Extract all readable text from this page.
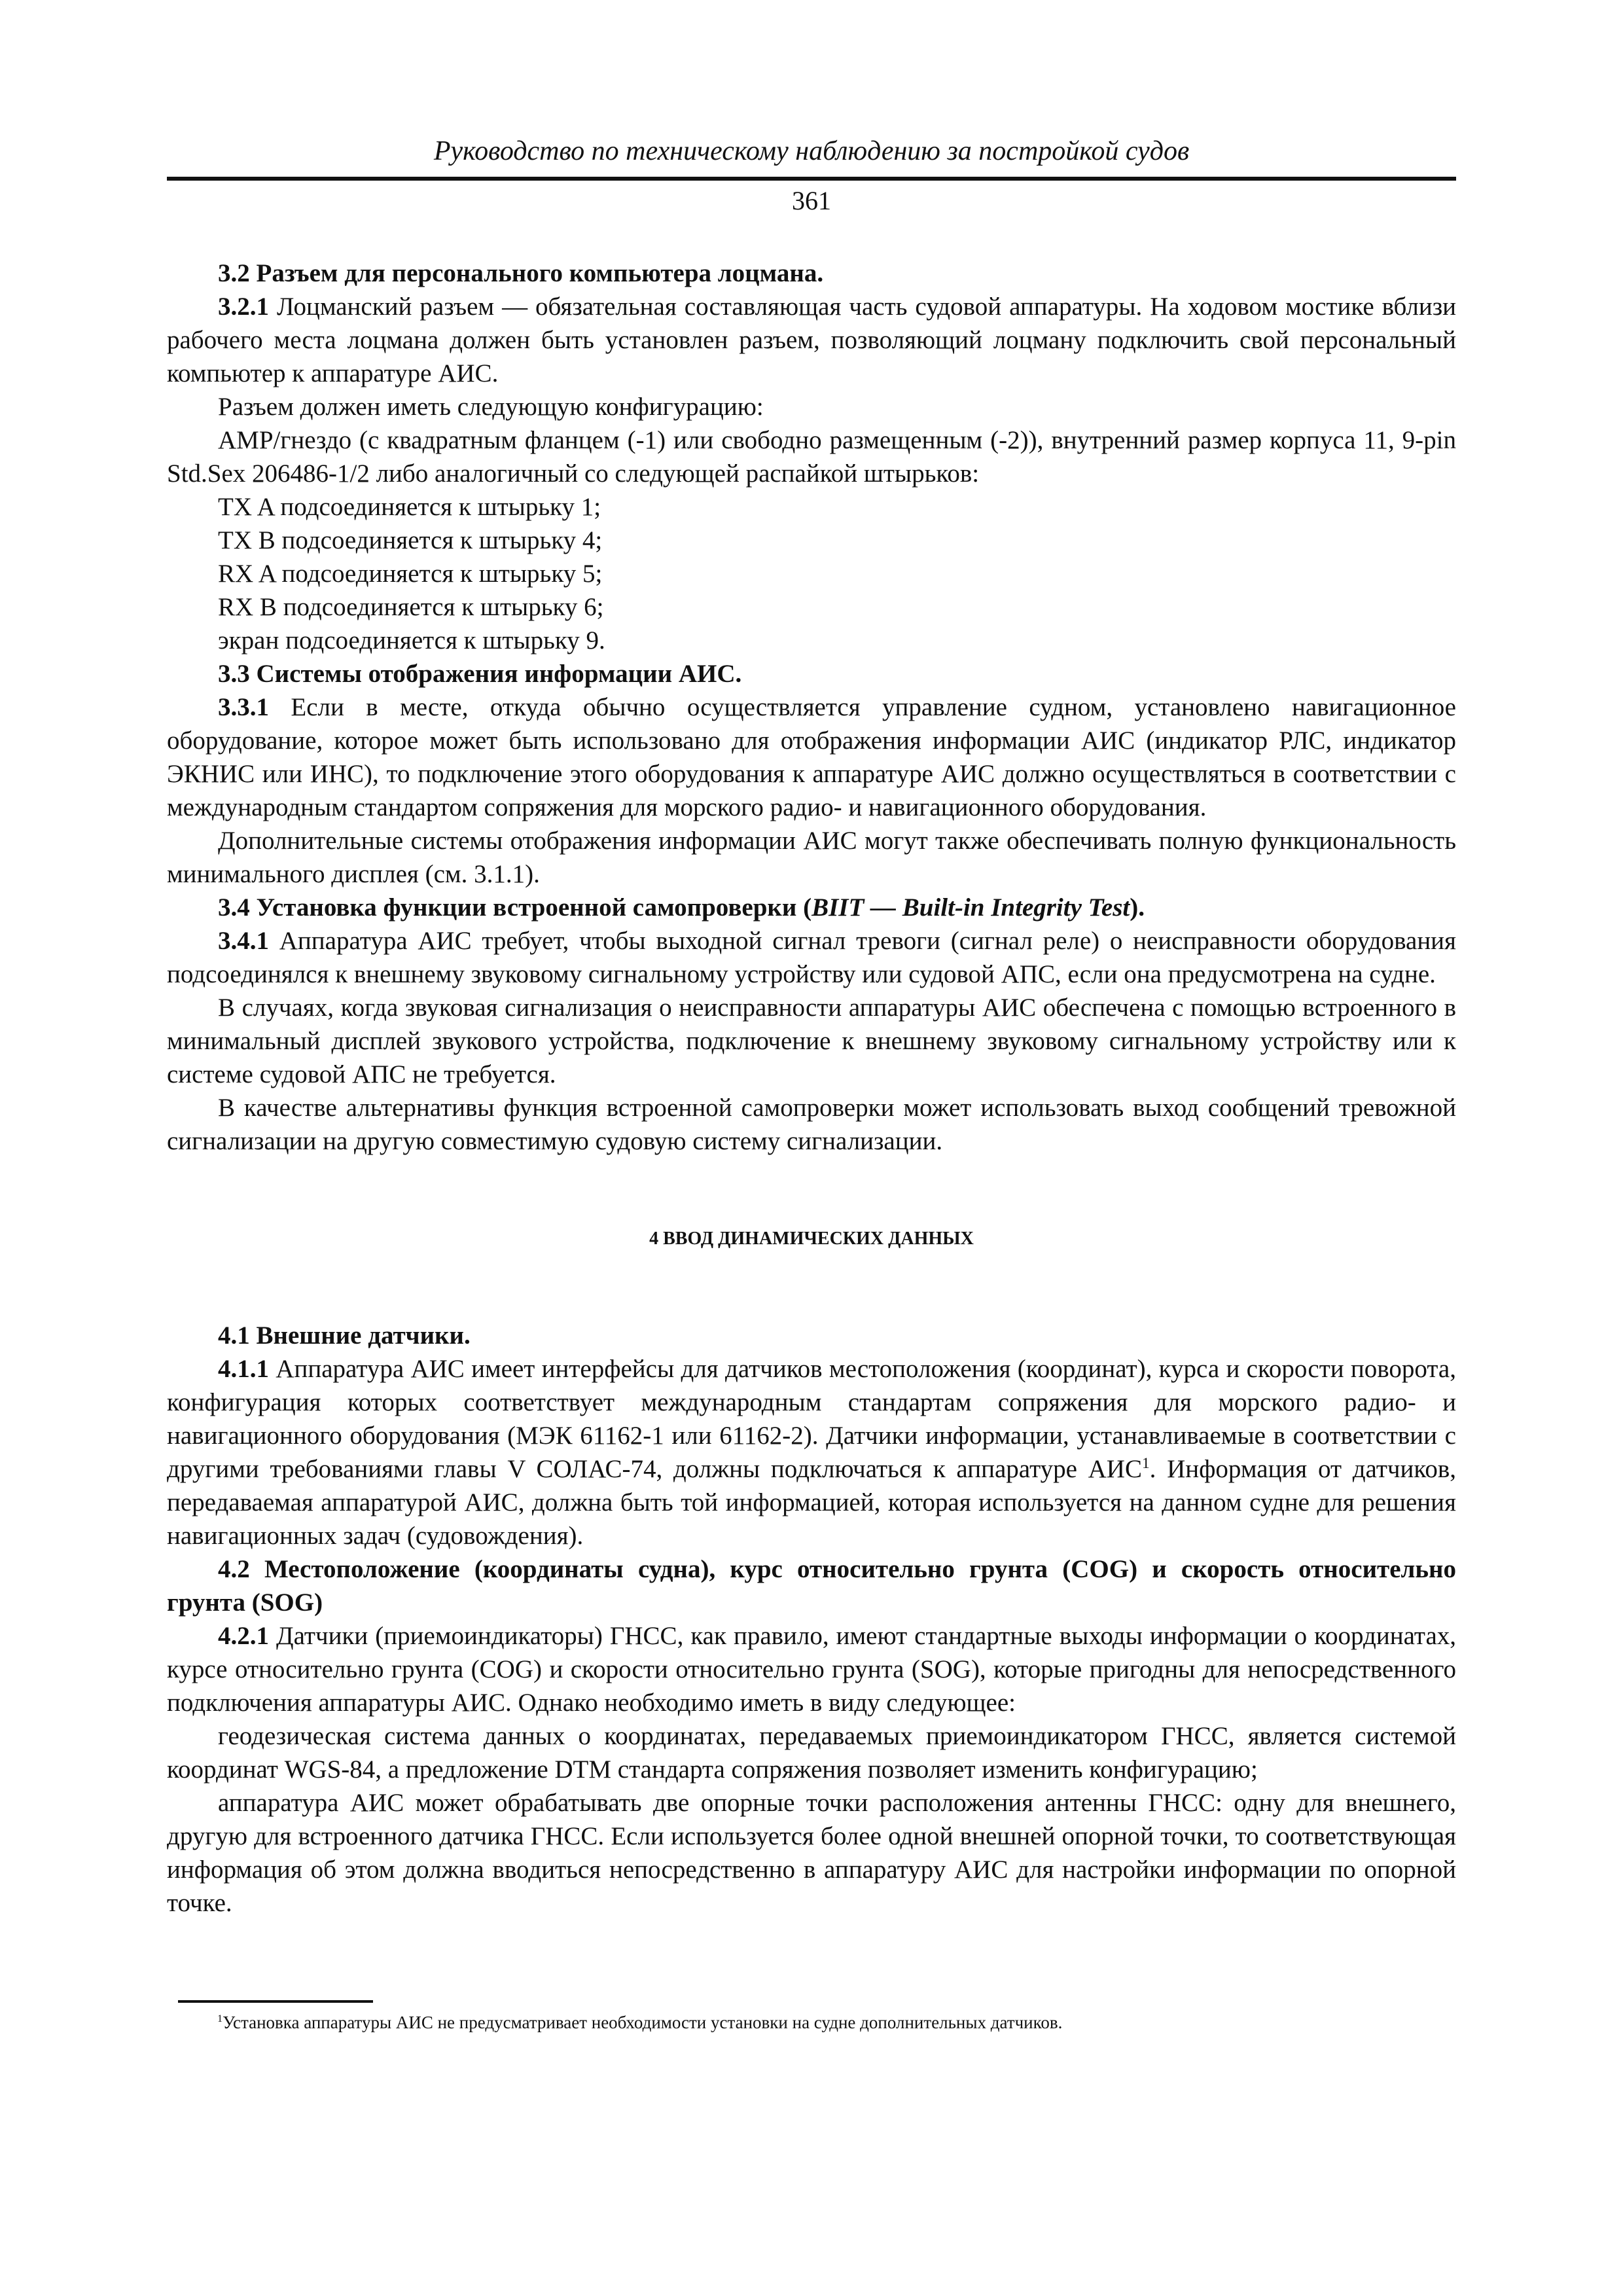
Руководство по техническому наблюдению за постройкой судов
361

3.2 Разъем для персонального компьютера лоцмана.

3.2.1 Лоцманский разъем — обязательная составляющая часть судовой аппаратуры. На ходовом мостике вблизи рабочего места лоцмана должен быть установлен разъем, позволяющий лоцману подключить свой персональный компьютер к аппаратуре АИС.

Разъем должен иметь следующую конфигурацию:

AMP/гнездо (с квадратным фланцем (-1) или свободно размещенным (-2)), внутренний размер корпуса 11, 9-pin Std.Sex 206486-1/2 либо аналогичный со следующей распайкой штырьков:

TX A подсоединяется к штырьку 1;

TX B подсоединяется к штырьку 4;

RX A подсоединяется к штырьку 5;

RX B подсоединяется к штырьку 6;

экран подсоединяется к штырьку 9.

3.3 Системы отображения информации АИС.

3.3.1 Если в месте, откуда обычно осуществляется управление судном, установлено навигационное оборудование, которое может быть использовано для отображения информации АИС (индикатор РЛС, индикатор ЭКНИС или ИНС), то подключение этого оборудования к аппаратуре АИС должно осуществляться в соответствии с международным стандартом сопряжения для морского радио- и навигационного оборудования.

Дополнительные системы отображения информации АИС могут также обеспечивать полную функциональность минимального дисплея (см. 3.1.1).

3.4 Установка функции встроенной самопроверки (BIIT — Built-in Integrity Test).

3.4.1 Аппаратура АИС требует, чтобы выходной сигнал тревоги (сигнал реле) о неисправности оборудования подсоединялся к внешнему звуковому сигнальному устройству или судовой АПС, если она предусмотрена на судне.

В случаях, когда звуковая сигнализация о неисправности аппаратуры АИС обеспечена с помощью встроенного в минимальный дисплей звукового устройства, подключение к внешнему звуковому сигнальному устройству или к системе судовой АПС не требуется.

В качестве альтернативы функция встроенной самопроверки может использовать выход сообщений тревожной сигнализации на другую совместимую судовую систему сигнализации.

4 ВВОД ДИНАМИЧЕСКИХ ДАННЫХ

4.1 Внешние датчики.

4.1.1 Аппаратура АИС имеет интерфейсы для датчиков местоположения (координат), курса и скорости поворота, конфигурация которых соответствует международным стандартам сопряжения для морского радио- и навигационного оборудования (МЭК 61162-1 или 61162-2). Датчики информации, устанавливаемые в соответствии с другими требованиями главы V СОЛАС-74, должны подключаться к аппаратуре АИС$^1$. Информация от датчиков, передаваемая аппаратурой АИС, должна быть той информацией, которая используется на данном судне для решения навигационных задач (судовождения).

4.2 Местоположение (координаты судна), курс относительно грунта (COG) и скорость относительно грунта (SOG)

4.2.1 Датчики (приемоиндикаторы) ГНСС, как правило, имеют стандартные выходы информации о координатах, курсе относительно грунта (COG) и скорости относительно грунта (SOG), которые пригодны для непосредственного подключения аппаратуры АИС. Однако необходимо иметь в виду следующее:

геодезическая система данных о координатах, передаваемых приемоиндикатором ГНСС, является системой координат WGS-84, а предложение DTM стандарта сопряжения позволяет изменить конфигурацию;

аппаратура АИС может обрабатывать две опорные точки расположения антенны ГНСС: одну для внешнего, другую для встроенного датчика ГНСС. Если используется более одной внешней опорной точки, то соответствующая информация об этом должна вводиться непосредственно в аппаратуру АИС для настройки информации по опорной точке.

$^1$Установка аппаратуры АИС не предусматривает необходимости установки на судне дополнительных датчиков.
